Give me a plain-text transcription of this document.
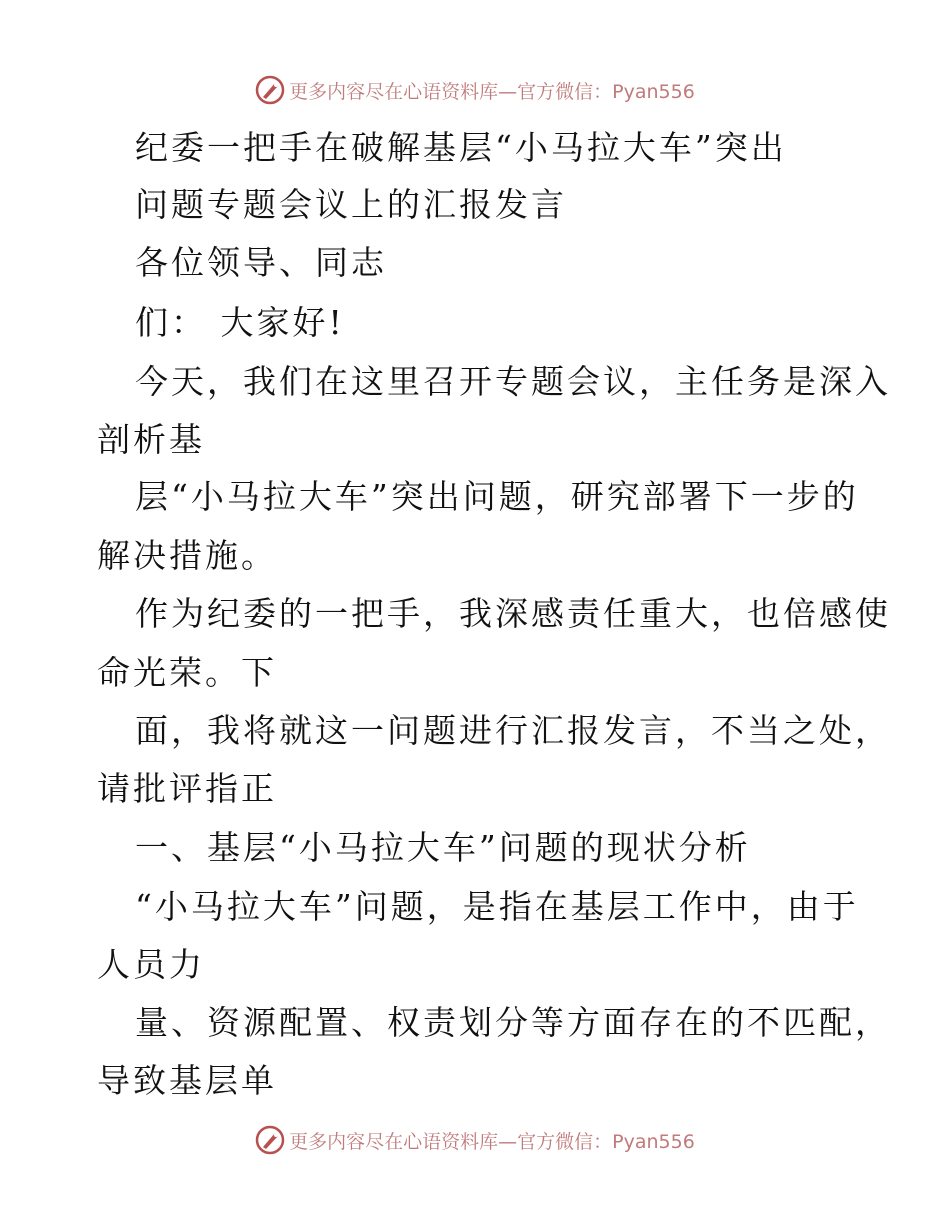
更多内容尽在心语资料库—官方微信：Pyan556
纪委一把手在破解基层“小马拉大车”突出
问题专题会议上的汇报发言
各位领导、同志
们： 大家好!
今天，我们在这里召开专题会议，主任务是深入
剖析基
层“小马拉大车”突出问题，研究部署下一步的
解决措施。
作为纪委的一把手，我深感责任重大，也倍感使
命光荣。下
面，我将就这一问题进行汇报发言，不当之处，
请批评指正
一、基层“小马拉大车”问题的现状分析
“小马拉大车”问题，是指在基层工作中，由于
人员力
量、资源配置、权责划分等方面存在的不匹配，
导致基层单
更多内容尽在心语资料库—官方微信：Pyan556
